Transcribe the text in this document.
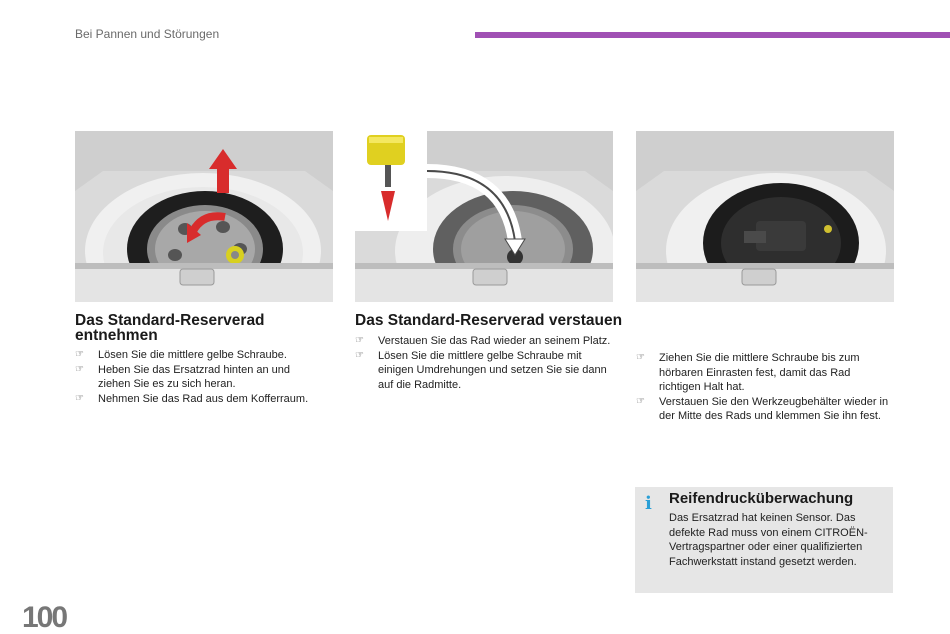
Bei Pannen und Störungen
Das Standard-Reserverad entnehmen
☞ Lösen Sie die mittlere gelbe Schraube.
☞ Heben Sie das Ersatzrad hinten an und ziehen Sie es zu sich heran.
☞ Nehmen Sie das Rad aus dem Kofferraum.
Das Standard-Reserverad verstauen
☞ Verstauen Sie das Rad wieder an seinem Platz.
☞ Lösen Sie die mittlere gelbe Schraube mit einigen Umdrehungen und setzen Sie sie dann auf die Radmitte.
☞ Ziehen Sie die mittlere Schraube bis zum hörbaren Einrasten fest, damit das Rad richtigen Halt hat.
☞ Verstauen Sie den Werkzeugbehälter wieder in der Mitte des Rads und klemmen Sie ihn fest.
i Reifendrucküberwachung
Das Ersatzrad hat keinen Sensor. Das defekte Rad muss von einem CITROËN-Vertragspartner oder einer qualifizierten Fachwerkstatt instand gesetzt werden.
100
